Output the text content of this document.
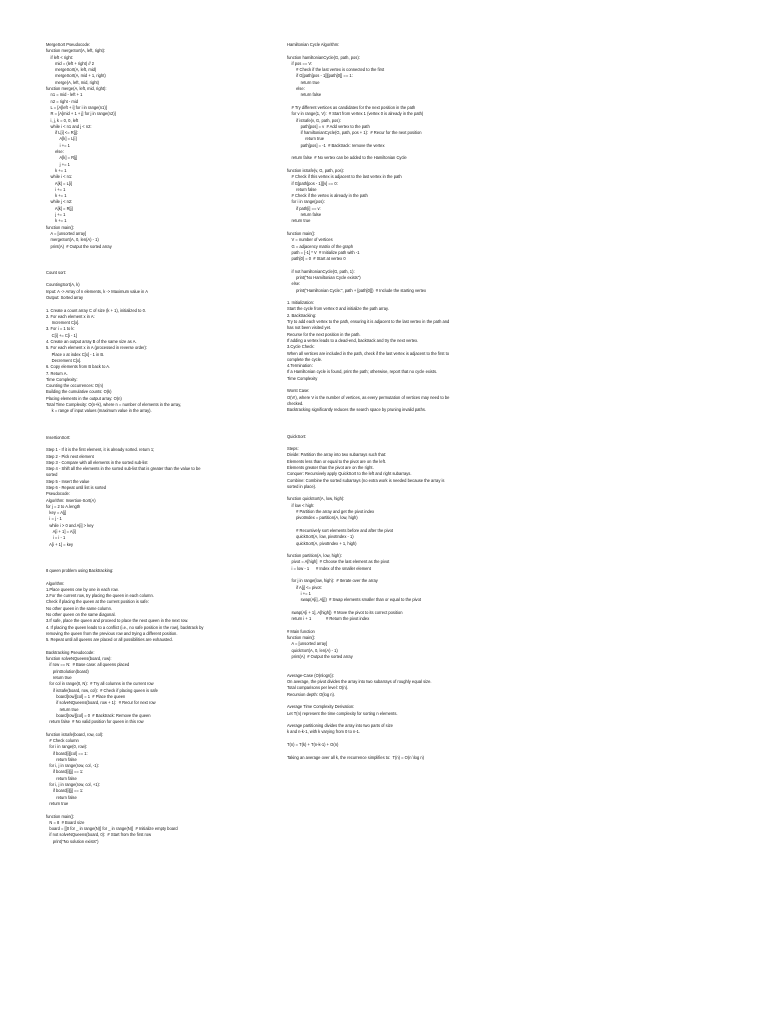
MergeSort Pseudocode:
function mergeSort(A, left, right):
if left < right:
mid = (left + right) // 2
mergeSort(A, left, mid)
mergeSort(A, mid + 1, right)
merge(A, left, mid, right)
function merge(A, left, mid, right):
n1 = mid - left + 1
n2 = right - mid
L = [A[left + i] for i in range(n1)]
R = [A[mid + 1 + j] for j in range(n2)]
i, j, k = 0, 0, left
while i < n1 and j < n2:
if L[i] <= R[j]:
A[k] = L[i]
i += 1
else:
A[k] = R[j]
j += 1
k += 1
while i < n1:
A[k] = L[i]
i += 1
k += 1
while j < n2:
A[k] = R[j]
j += 1
k += 1
function main():
A = [unsorted array]
mergeSort(A, 0, len(A) - 1)
print(A)  # Output the sorted array
Count sort:

CountingSort(A, k)
Input: A -> Array of n elements, k -> Maximum value in A
Output: Sorted array

1. Create a count array C of size (k + 1), initialized to 0.
2. For each element x in A:
Increment C[x].
3. For i = 1 to k:
C[i] += C[i - 1]
4. Create an output array B of the same size as A.
5. For each element x in A (processed in reverse order):
Place x at index C[x] - 1 in B.
Decrement C[x].
6. Copy elements from B back to A.
7. Return A.
Time Complexity:
Counting the occurrences: O(n)
Building the cumulative counts: O(k)
Placing elements in the output array: O(n)
Total Time Complexity: O(n+k), where n = number of elements in the array,
k = range of input values (maximum value in the array).
InsertionSort:

Step 1 - If it is the first element, it is already sorted. return 1;
Step 2 - Pick next element
Step 3 - Compare with all elements in the sorted sub-list
Step 4 - Shift all the elements in the sorted sub-list that is greater than the value to be
sorted
Step 5 - Insert the value
Step 6 - Repeat until list is sorted
Pseudocode:
Algorithm: Insertion-Sort(A)
for j = 2 to A.length
key = A[j]
i = j - 1
while i > 0 and A[i] > key
A[i + 1] = A[i]
i = i - 1
A[i + 1] = key
8 queen problem using Backtracking:

Algorithm:
1.Place queens one by one in each row.
2.For the current row, try placing the queen in each column.
Check if placing the queen at the current position is safe:
No other queen in the same column.
No other queen on the same diagonal.
3.If safe, place the queen and proceed to place the next queen in the next row.
4. If placing the queen leads to a conflict (i.e., no safe position in the row), backtrack by
removing the queen from the previous row and trying a different position.
5. Repeat until all queens are placed or all possibilities are exhausted.

Backtracking Pseudocode:
function solveNQueens(board, row):
if row == N:  # Base case: all queens placed
printSolution(board)
return true
for col in range(0, N):  # Try all columns in the current row
if isSafe(board, row, col):  # Check if placing queen is safe
board[row][col] = 1  # Place the queen
if solveNQueens(board, row + 1):  # Recur for next row
return true
board[row][col] = 0  # Backtrack: Remove the queen
return false  # No valid position for queen in this row

function isSafe(board, row, col):
# Check column
for i in range(0, row):
if board[i][col] == 1:
return false
for i, j in range(row, col, -1):
if board[i][j] == 1:
return false
for i, j in range(row, col, +1):
if board[i][j] == 1:
return false
return true

function main():
N = 8  # Board size
board = [[0 for _ in range(N)] for _ in range(N)]  # Initialize empty board
if not solveNQueens(board, 0):  # Start from the first row
print("No solution exists")
Hamiltonian Cycle Algorithm:

function hamiltonianCycle(G, path, pos):
if pos == V:
# Check if the last vertex is connected to the first
if G[path[pos - 1]][path[0]] == 1:
return true
else:
return false

# Try different vertices as candidates for the next position in the path
for v in range(1, V):  # Start from vertex 1 (vertex 0 is already in the path)
if isSafe(v, G, path, pos):
path[pos] = v  # Add vertex to the path
if hamiltonianCycle(G, path, pos + 1):  # Recur for the next position
return true
path[pos] = -1  # Backtrack: remove the vertex

return false  # No vertex can be added to the Hamiltonian Cycle

function isSafe(v, G, path, pos):
# Check if this vertex is adjacent to the last vertex in the path
if G[path[pos - 1]][v] == 0:
return false
# Check if the vertex is already in the path
for i in range(pos):
if path[i] == v:
return false
return true

function main():
V = number of vertices
G = adjacency matrix of the graph
path = [-1] * V  # Initialize path with -1
path[0] = 0  # Start at vertex 0

if not hamiltonianCycle(G, path, 1):
print("No Hamiltonian Cycle exists")
else:
print("Hamiltonian Cycle:", path + [path[0]])  # Include the starting vertex

1. Initialization:
Start the cycle from vertex 0 and initialize the path array.
2. Backtracking:
Try to add each vertex to the path, ensuring it is adjacent to the last vertex in the path and
has not been visited yet.
Recurse for the next position in the path.
If adding a vertex leads to a dead-end, backtrack and try the next vertex.
3.Cycle Check:
When all vertices are included in the path, check if the last vertex is adjacent to the first to
complete the cycle.
4.Termination:
If a Hamiltonian cycle is found, print the path; otherwise, report that no cycle exists.
Time Complexity

Worst Case:
O(V!), where V is the number of vertices, as every permutation of vertices may need to be
checked.
Backtracking significantly reduces the search space by pruning invalid paths.
QuickSort:

Steps:
Divide: Partition the array into two subarrays such that:
Elements less than or equal to the pivot are on the left.
Elements greater than the pivot are on the right.
Conquer: Recursively apply QuickSort to the left and right subarrays.
Combine: Combine the sorted subarrays (no extra work is needed because the array is
sorted in place).

function quickSort(A, low, high):
if low < high:
# Partition the array and get the pivot index
pivotIndex = partition(A, low, high)

# Recursively sort elements before and after the pivot
quickSort(A, low, pivotIndex - 1)
quickSort(A, pivotIndex + 1, high)

function partition(A, low, high):
pivot = A[high]  # Choose the last element as the pivot
i = low - 1      # Index of the smaller element

for j in range(low, high):  # Iterate over the array
if A[j] <= pivot:
i += 1
swap(A[i], A[j])  # Swap elements smaller than or equal to the pivot

swap(A[i + 1], A[high])  # Move the pivot to its correct position
return i + 1             # Return the pivot index

# Main function
function main():
A = [unsorted array]
quickSort(A, 0, len(A) - 1)
print(A)  # Output the sorted array

Average-Case (O(nlogn)):
On average, the pivot divides the array into two subarrays of roughly equal size.
Total comparisons per level: O(n).
Recursion depth: O(log n).

Average Time Complexity Derivation:
Let T(n) represent the time complexity for sorting n elements.

Average partitioning divides the array into two parts of size
k and n-k-1, with k varying from 0 to n-1.

T(n) = T(k) + T(n-k-1) + O(n)

Taking an average over all k, the recurrence simplifies to:  T(n) = O(n \log n)
